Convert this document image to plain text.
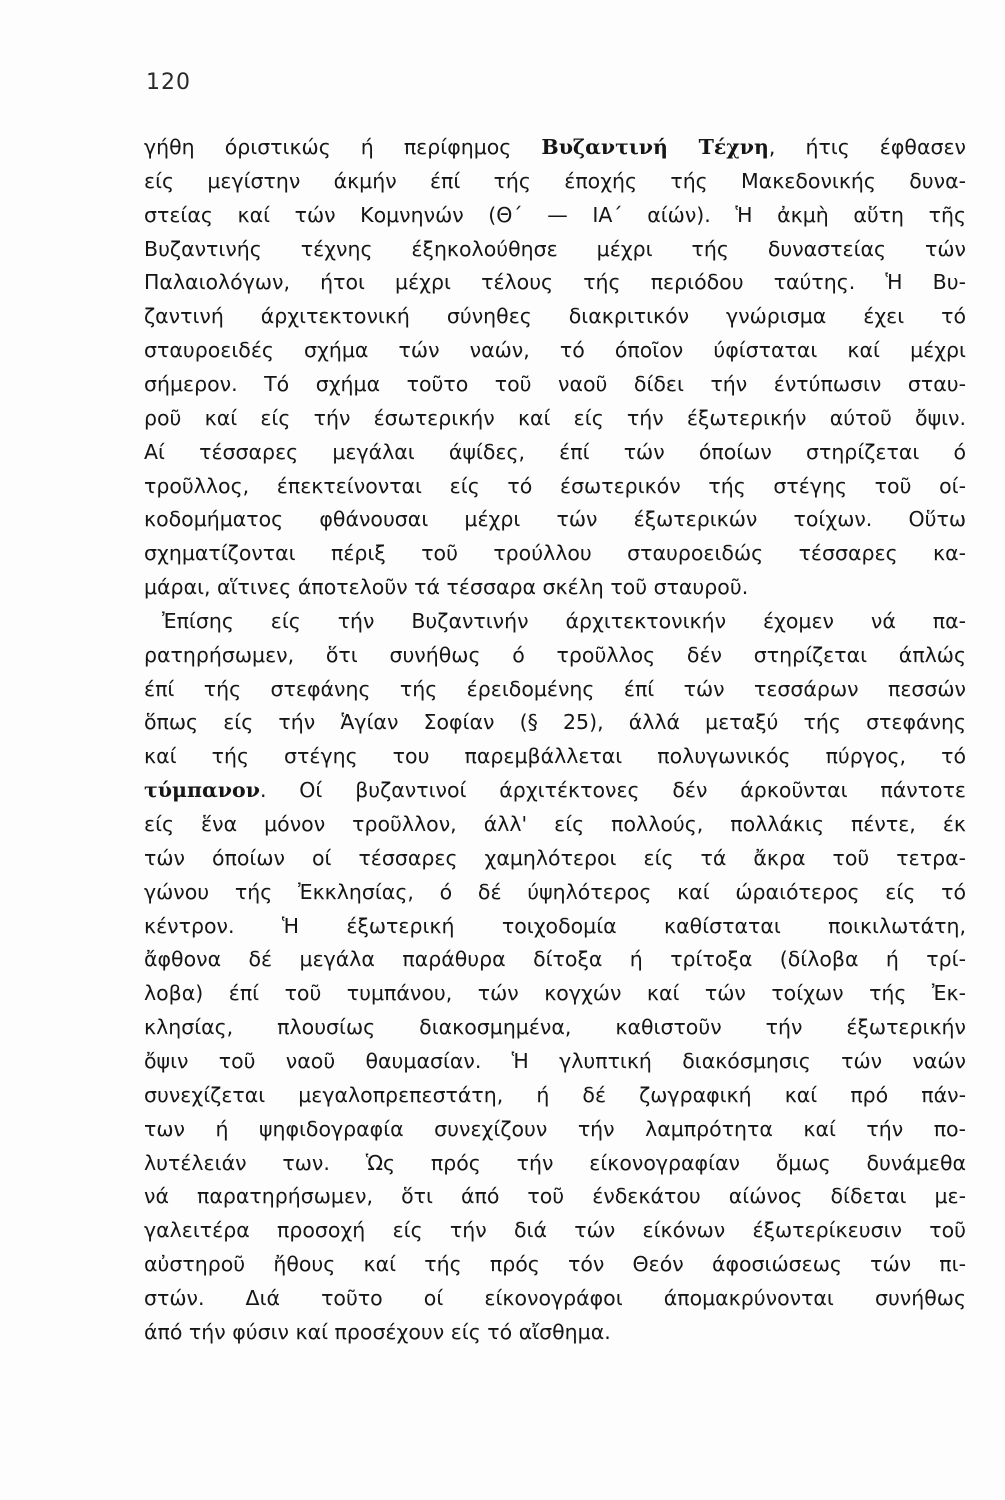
120
γήθη όριστικώς ή περίφημος Βυζαντινή Τέχνη, ήτις έφθασεν
είς μεγίστην άκμήν έπί τής έποχής τής Μακεδονικής δυνα-
στείας καί τών Κομνηνών (Θ΄ — ΙΑ΄ αίών). Ἡ ἀκμὴ αὕτη τῆς
Βυζαντινής τέχνης έξηκολούθησε μέχρι τής δυναστείας τών
Παλαιολόγων, ήτοι μέχρι τέλους τής περιόδου ταύτης. Ἡ Βυ-
ζαντινή άρχιτεκτονική σύνηθες διακριτικόν γνώρισμα έχει τό
σταυροειδές σχήμα τών ναών, τό όποῖον ύφίσταται καί μέχρι
σήμερον. Τό σχήμα τοῦτο τοῦ ναοῦ δίδει τήν έντύπωσιν σταυ-
ροῦ καί είς τήν έσωτερικήν καί είς τήν έξωτερικήν αύτοῦ ὄψιν.
Αί τέσσαρες μεγάλαι άψίδες, έπί τών όποίων στηρίζεται ό
τροῦλλος, έπεκτείνονται είς τό έσωτερικόν τής στέγης τοῦ οί-
κοδομήματος φθάνουσαι μέχρι τών έξωτερικών τοίχων. Οὕτω
σχηματίζονται πέριξ τοῦ τρούλλου σταυροειδώς τέσσαρες κα-
μάραι, αἵτινες άποτελοῦν τά τέσσαρα σκέλη τοῦ σταυροῦ.
Ἐπίσης είς τήν Βυζαντινήν άρχιτεκτονικήν έχομεν νά πα-
ρατηρήσωμεν, ὅτι συνήθως ό τροῦλλος δέν στηρίζεται άπλώς
έπί τής στεφάνης τής έρειδομένης έπί τών τεσσάρων πεσσών
ὅπως είς τήν Ἁγίαν Σοφίαν (§ 25), άλλά μεταξύ τής στεφάνης
καί τής στέγης του παρεμβάλλεται πολυγωνικός πύργος, τό
τύμπανον. Οί βυζαντινοί άρχιτέκτονες δέν άρκοῦνται πάντοτε
είς ἕνα μόνον τροῦλλον, άλλ' είς πολλούς, πολλάκις πέντε, έκ
τών όποίων οί τέσσαρες χαμηλότεροι είς τά ἄκρα τοῦ τετρα-
γώνου τής Ἐκκλησίας, ό δέ ύψηλότερος καί ώραιότερος είς τό
κέντρον. Ἡ έξωτερική τοιχοδομία καθίσταται ποικιλωτάτη,
ἄφθονα δέ μεγάλα παράθυρα δίτοξα ή τρίτοξα (δίλοβα ή τρί-
λοβα) έπί τοῦ τυμπάνου, τών κογχών καί τών τοίχων τής Ἐκ-
κλησίας, πλουσίως διακοσμημένα, καθιστοῦν τήν έξωτερικήν
ὄψιν τοῦ ναοῦ θαυμασίαν. Ἡ γλυπτική διακόσμησις τών ναών
συνεχίζεται μεγαλοπρεπεστάτη, ή δέ ζωγραφική καί πρό πάν-
των ή ψηφιδογραφία συνεχίζουν τήν λαμπρότητα καί τήν πο-
λυτέλειάν των. Ὡς πρός τήν είκονογραφίαν ὅμως δυνάμεθα
νά παρατηρήσωμεν, ὅτι άπό τοῦ ένδεκάτου αίώνος δίδεται με-
γαλειτέρα προσοχή είς τήν διά τών είκόνων έξωτερίκευσιν τοῦ
αὐστηροῦ ἤθους καί τής πρός τόν Θεόν άφοσιώσεως τών πι-
στών. Διά τοῦτο οί είκονογράφοι άπομακρύνονται συνήθως
άπό τήν φύσιν καί προσέχουν είς τό αἴσθημα.
